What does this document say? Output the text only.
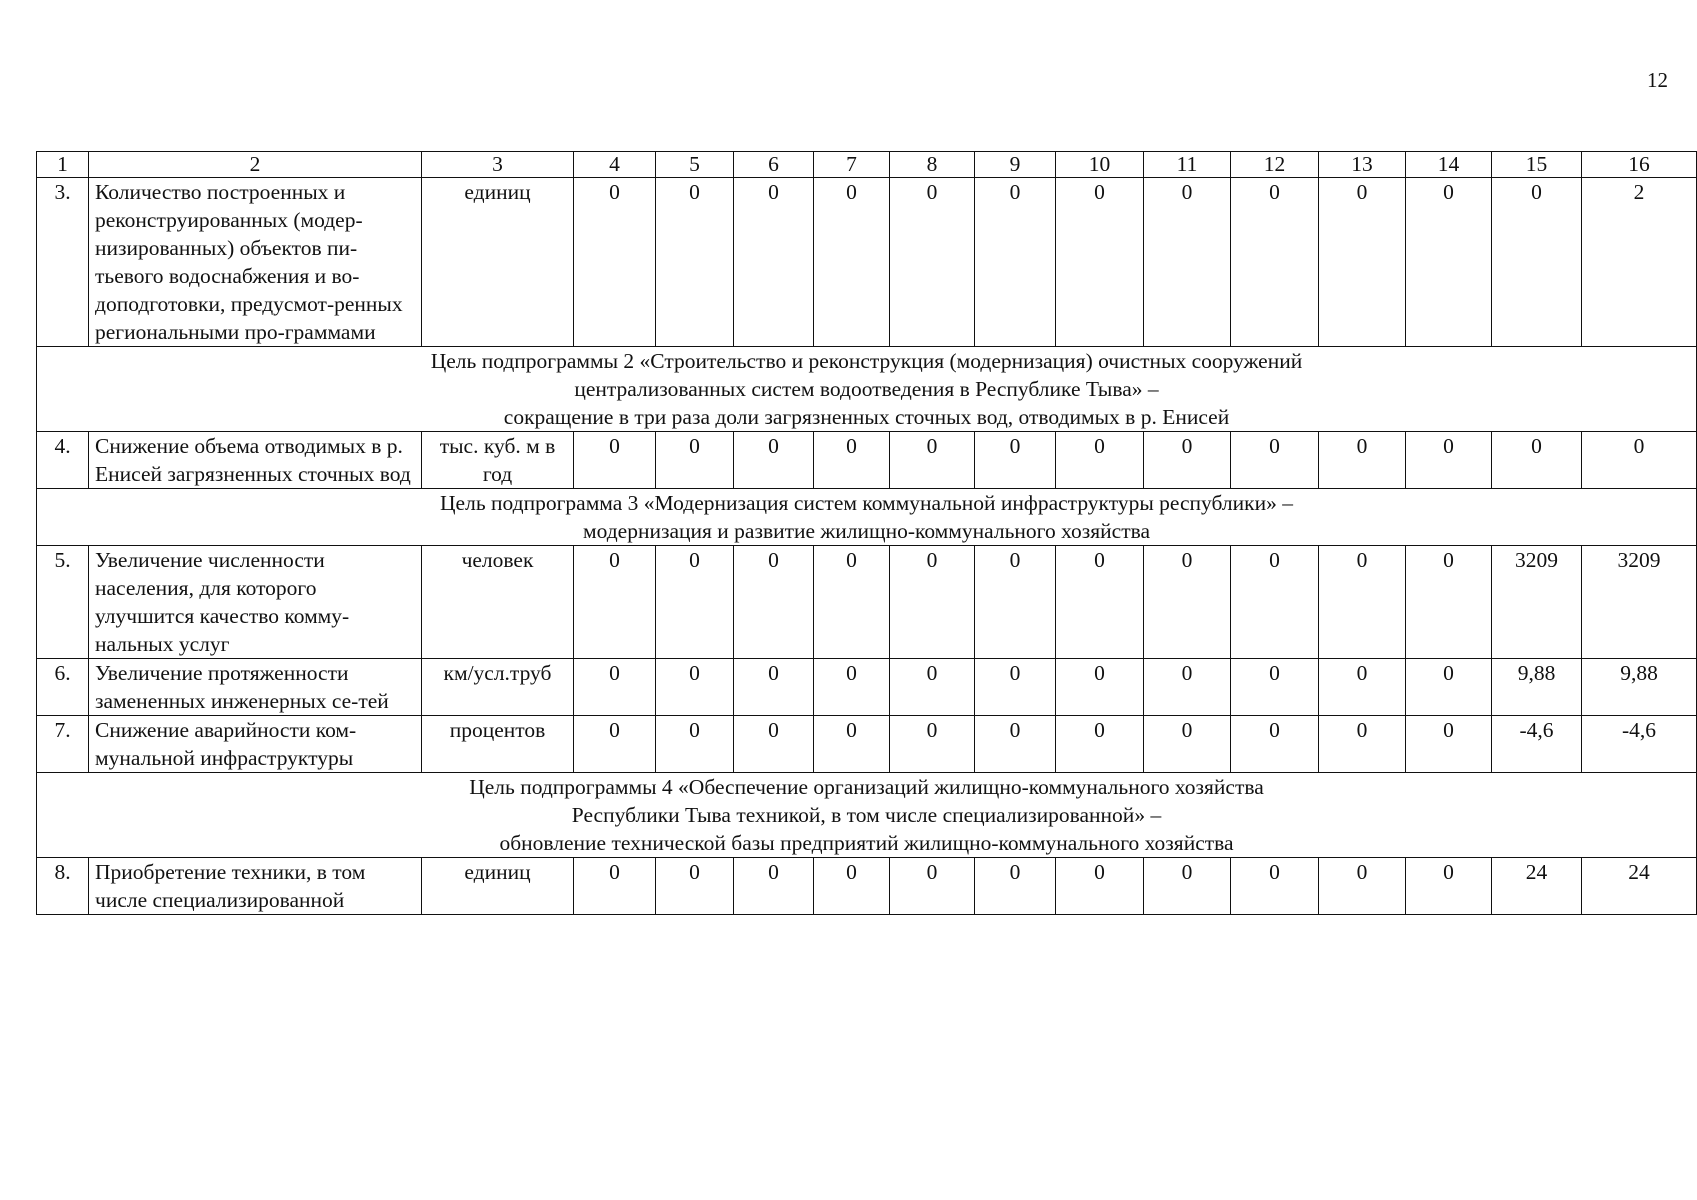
12
1	2	3	4	5	6	7	8	9	10	11	12	13	14	15	16
3.	Количество построенных и реконструированных (модер-низированных) объектов пи-тьевого водоснабжения и во-доподготовки, предусмот-ренных региональными про-граммами	единиц	0	0	0	0	0	0	0	0	0	0	0	0	2

Цель подпрограммы 2 «Строительство и реконструкция (модернизация) очистных сооружений
централизованных систем водоотведения в Республике Тыва» –
сокращение в три раза доли загрязненных сточных вод, отводимых в р. Енисей															

4.	Снижение объема отводимых в р. Енисей загрязненных сточных вод	тыс. куб. м в год	0	0	0	0	0	0	0	0	0	0	0	0	0

Цель подпрограмма 3 «Модернизация систем коммунальной инфраструктуры республики» –
модернизация и развитие жилищно-коммунального хозяйства															

5.	Увеличение численности населения, для которого улучшится качество комму-нальных услуг	человек	0	0	0	0	0	0	0	0	0	0	0	3209	3209
6.	Увеличение протяженности замененных инженерных се-тей	км/усл.труб	0	0	0	0	0	0	0	0	0	0	0	9,88	9,88
7.	Снижение аварийности ком-мунальной инфраструктуры	процентов	0	0	0	0	0	0	0	0	0	0	0	-4,6	-4,6

Цель подпрограммы 4 «Обеспечение организаций жилищно-коммунального хозяйства
Республики Тыва техникой, в том числе специализированной» –
обновление технической базы предприятий жилищно-коммунального хозяйства															

8.	Приобретение техники, в том числе специализированной	единиц	0	0	0	0	0	0	0	0	0	0	0	24	24
